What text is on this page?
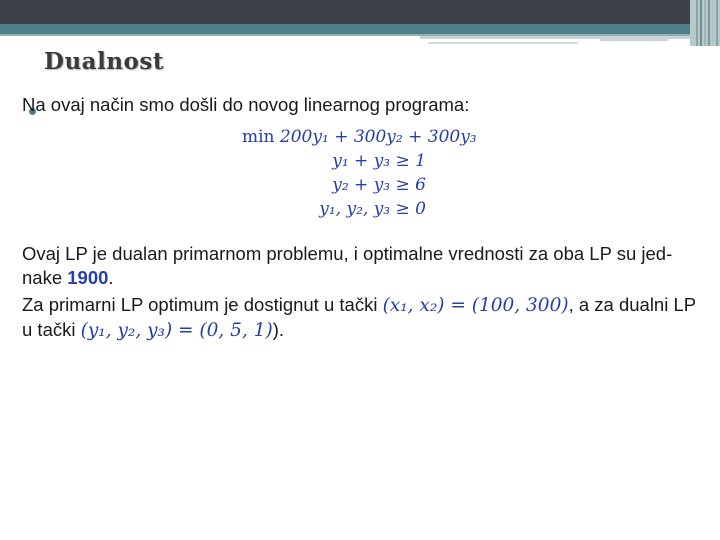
Dualnost
Na ovaj način smo došli do novog linearnog programa:
min 200y₁ + 300y₂ + 300y₃
y₁ + y₃ ≥ 1
y₂ + y₃ ≥ 6
y₁, y₂, y₃ ≥ 0
Ovaj LP je dualan primarnom problemu, i optimalne vrednosti za oba LP su jed-nake 1900.
Za primarni LP optimum je dostignut u tački (x₁, x₂) = (100, 300), a za dualni LP u tački (y₁, y₂, y₃) = (0, 5, 1)).
